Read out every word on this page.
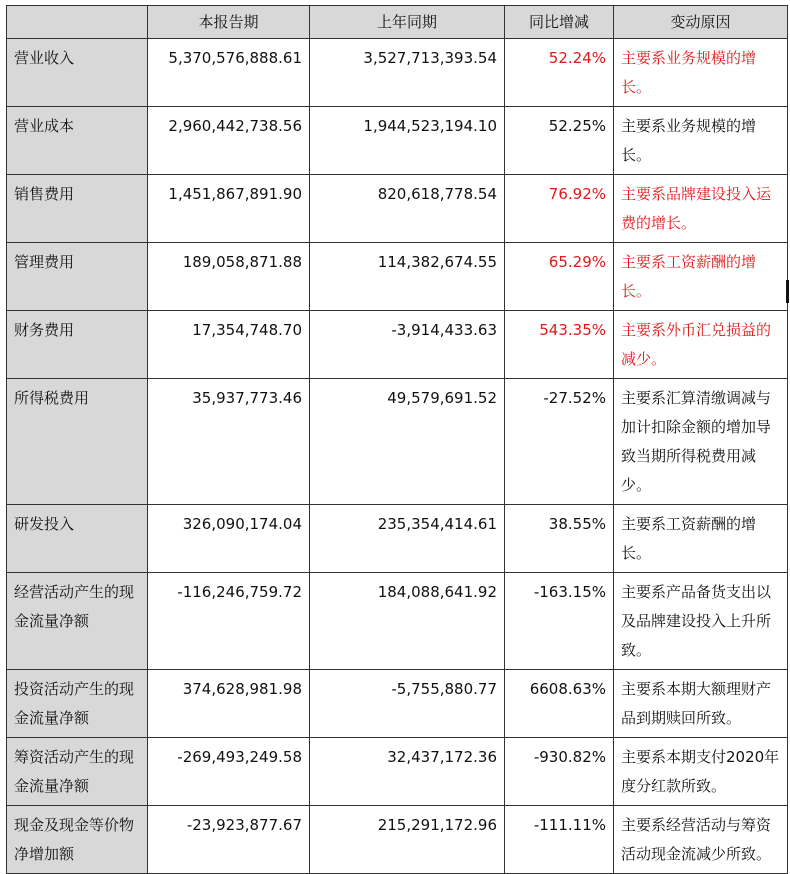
	本报告期	上年同期	同比增减	变动原因
营业收入	5,370,576,888.61	3,527,713,393.54	52.24%	主要系业务规模的增长。
营业成本	2,960,442,738.56	1,944,523,194.10	52.25%	主要系业务规模的增长。
销售费用	1,451,867,891.90	820,618,778.54	76.92%	主要系品牌建设投入运费的增长。
管理费用	189,058,871.88	114,382,674.55	65.29%	主要系工资薪酬的增长。
财务费用	17,354,748.70	-3,914,433.63	543.35%	主要系外币汇兑损益的减少。
所得税费用	35,937,773.46	49,579,691.52	-27.52%	主要系汇算清缴调减与加计扣除金额的增加导致当期所得税费用减少。
研发投入	326,090,174.04	235,354,414.61	38.55%	主要系工资薪酬的增长。
经营活动产生的现金流量净额	-116,246,759.72	184,088,641.92	-163.15%	主要系产品备货支出以及品牌建设投入上升所致。
投资活动产生的现金流量净额	374,628,981.98	-5,755,880.77	6608.63%	主要系本期大额理财产品到期赎回所致。
筹资活动产生的现金流量净额	-269,493,249.58	32,437,172.36	-930.82%	主要系本期支付2020年度分红款所致。
现金及现金等价物净增加额	-23,923,877.67	215,291,172.96	-111.11%	主要系经营活动与筹资活动现金流减少所致。
